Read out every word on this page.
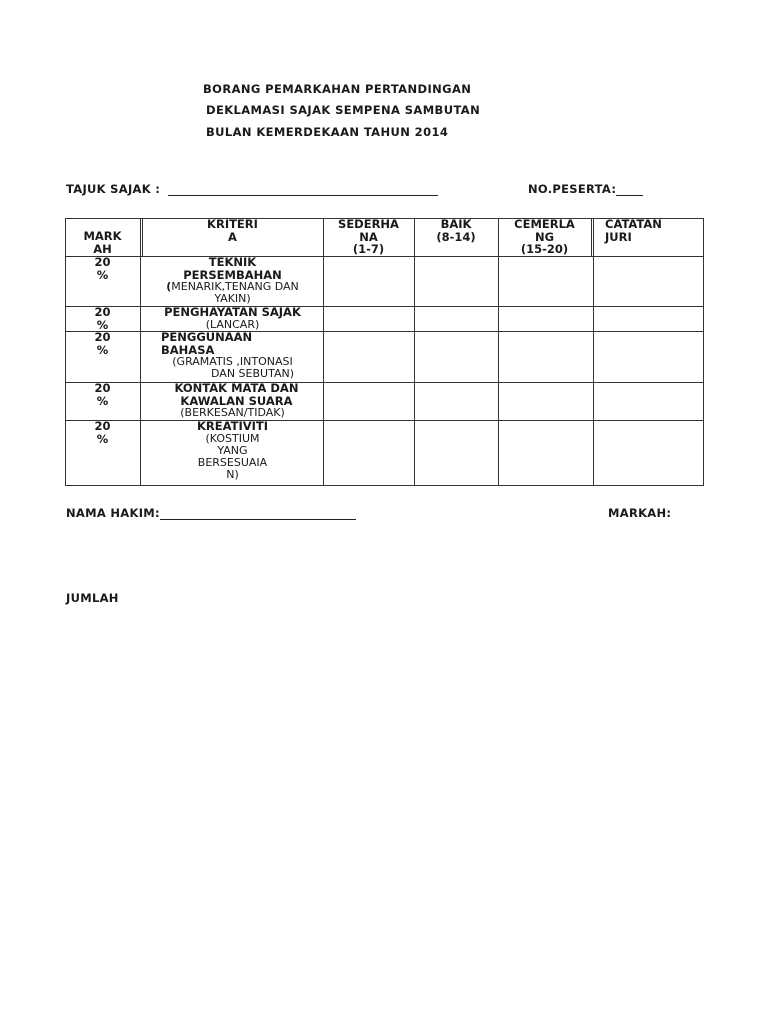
BORANG PEMARKAHAN PERTANDINGAN
DEKLAMASI SAJAK SEMPENA SAMBUTAN
BULAN KEMERDEKAAN TAHUN 2014
TAJUK SAJAK :	NO.PESERTA:
MARK
AH
KRITERI
A
SEDERHA
NA
(1-7)
BAIK
(8-14)
CEMERLA
NG
(15-20)
CATATAN
JURI
20
%
TEKNIK
PERSEMBAHAN
(MENARIK,TENANG DAN
YAKIN)
20
%
PENGHAYATAN SAJAK
(LANCAR)
20
%
PENGGUNAAN
BAHASA
(GRAMATIS ,INTONASI
DAN SEBUTAN)
20
%
KONTAK MATA DAN
KAWALAN SUARA
(BERKESAN/TIDAK)
20
%
KREATIVITI
(KOSTIUM
YANG
BERSESUAIA
N)
NAMA HAKIM:	MARKAH:
JUMLAH
